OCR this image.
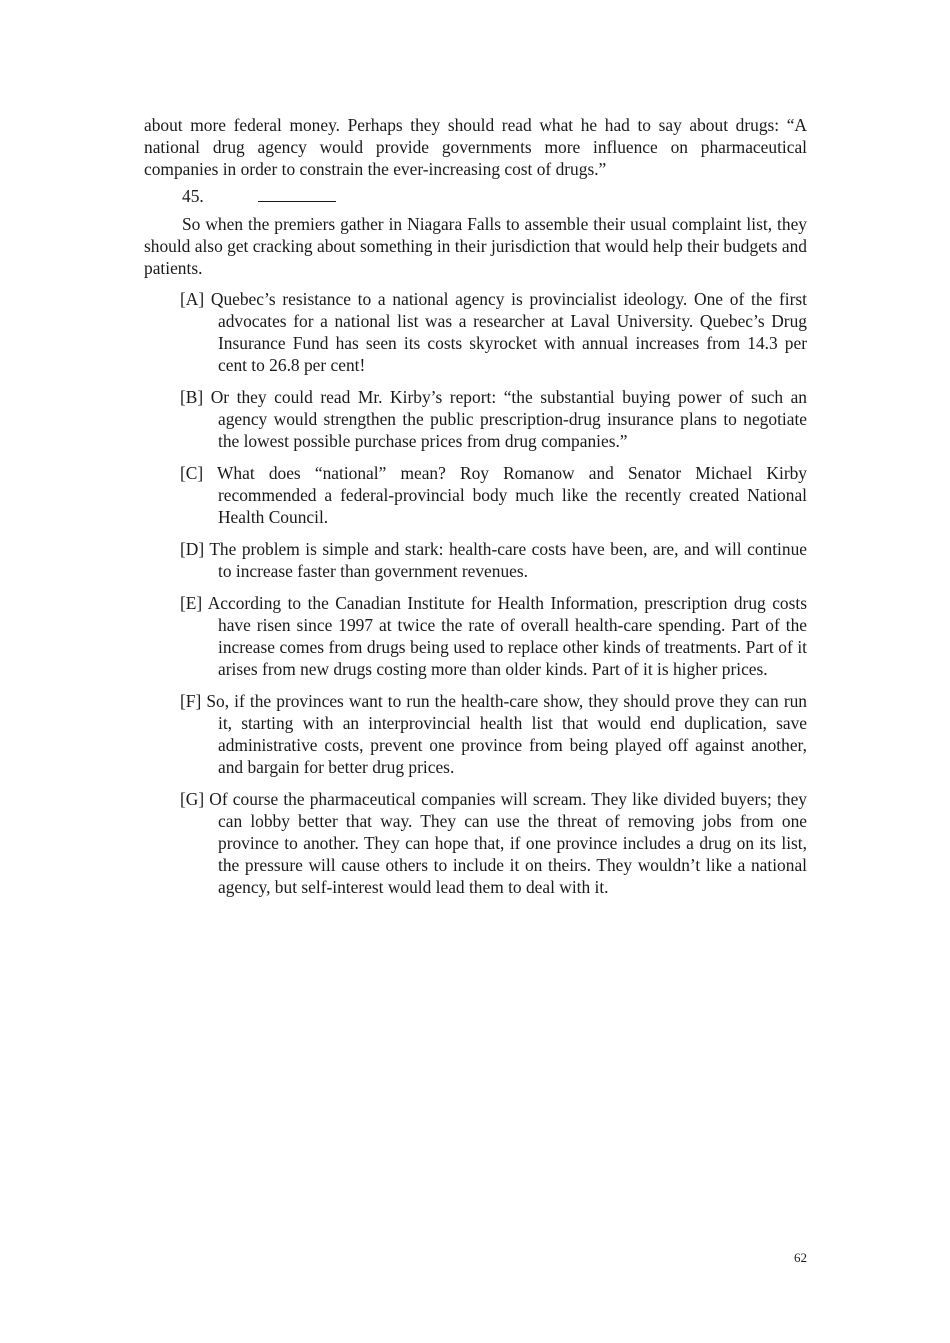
about more federal money. Perhaps they should read what he had to say about drugs: “A national drug agency would provide governments more influence on pharmaceutical companies in order to constrain the ever-increasing cost of drugs.”

45.

So when the premiers gather in Niagara Falls to assemble their usual complaint list, they should also get cracking about something in their jurisdiction that would help their budgets and patients.

[A] Quebec’s resistance to a national agency is provincialist ideology. One of the first advocates for a national list was a researcher at Laval University. Quebec’s Drug Insurance Fund has seen its costs skyrocket with annual increases from 14.3 per cent to 26.8 per cent!

[B] Or they could read Mr. Kirby’s report: “the substantial buying power of such an agency would strengthen the public prescription-drug insurance plans to negotiate the lowest possible purchase prices from drug companies.”

[C] What does “national” mean? Roy Romanow and Senator Michael Kirby recommended a federal-provincial body much like the recently created National Health Council.

[D] The problem is simple and stark: health-care costs have been, are, and will continue to increase faster than government revenues.

[E] According to the Canadian Institute for Health Information, prescription drug costs have risen since 1997 at twice the rate of overall health-care spending. Part of the increase comes from drugs being used to replace other kinds of treatments. Part of it arises from new drugs costing more than older kinds. Part of it is higher prices.

[F] So, if the provinces want to run the health-care show, they should prove they can run it, starting with an interprovincial health list that would end duplication, save administrative costs, prevent one province from being played off against another, and bargain for better drug prices.

[G] Of course the pharmaceutical companies will scream. They like divided buyers; they can lobby better that way. They can use the threat of removing jobs from one province to another. They can hope that, if one province includes a drug on its list, the pressure will cause others to include it on theirs. They wouldn’t like a national agency, but self-interest would lead them to deal with it.

62
